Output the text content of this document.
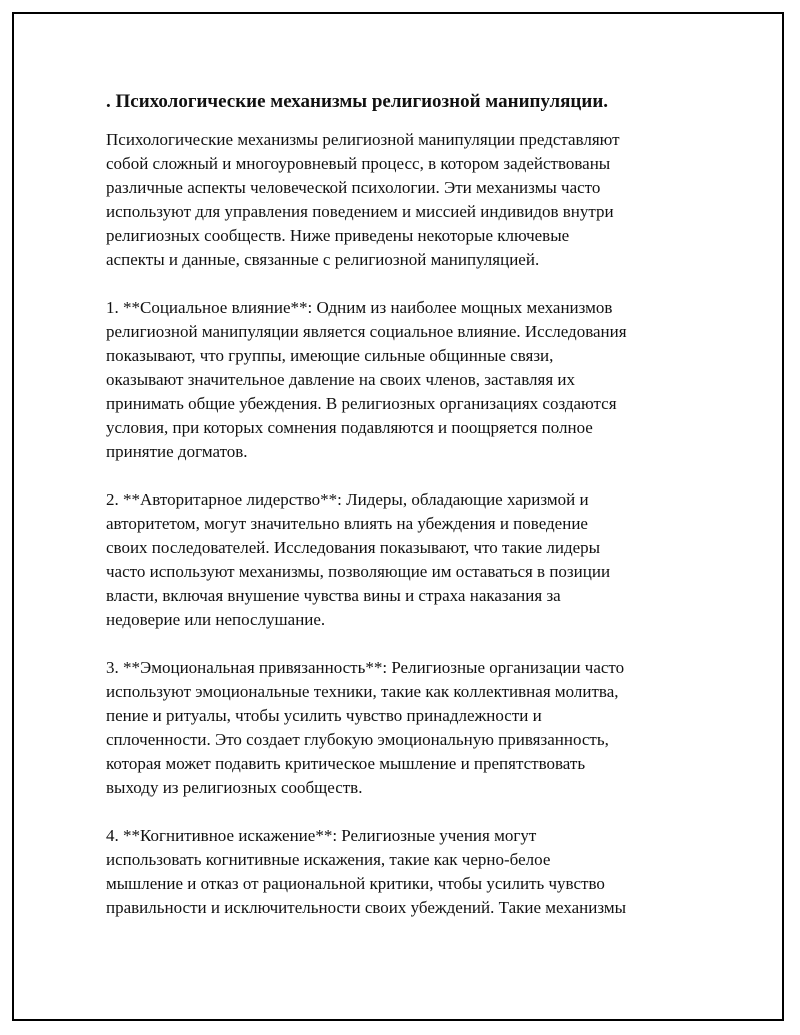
. Психологические механизмы религиозной манипуляции.

Психологические механизмы религиозной манипуляции представляют
собой сложный и многоуровневый процесс, в котором задействованы
различные аспекты человеческой психологии. Эти механизмы часто
используют для управления поведением и миссией индивидов внутри
религиозных сообществ. Ниже приведены некоторые ключевые
аспекты и данные, связанные с религиозной манипуляцией.

1. **Социальное влияние**: Одним из наиболее мощных механизмов
религиозной манипуляции является социальное влияние. Исследования
показывают, что группы, имеющие сильные общинные связи,
оказывают значительное давление на своих членов, заставляя их
принимать общие убеждения. В религиозных организациях создаются
условия, при которых сомнения подавляются и поощряется полное
принятие догматов.

2. **Авторитарное лидерство**: Лидеры, обладающие харизмой и
авторитетом, могут значительно влиять на убеждения и поведение
своих последователей. Исследования показывают, что такие лидеры
часто используют механизмы, позволяющие им оставаться в позиции
власти, включая внушение чувства вины и страха наказания за
недоверие или непослушание.

3. **Эмоциональная привязанность**: Религиозные организации часто
используют эмоциональные техники, такие как коллективная молитва,
пение и ритуалы, чтобы усилить чувство принадлежности и
сплоченности. Это создает глубокую эмоциональную привязанность,
которая может подавить критическое мышление и препятствовать
выходу из религиозных сообществ.

4. **Когнитивное искажение**: Религиозные учения могут
использовать когнитивные искажения, такие как черно-белое
мышление и отказ от рациональной критики, чтобы усилить чувство
правильности и исключительности своих убеждений. Такие механизмы
